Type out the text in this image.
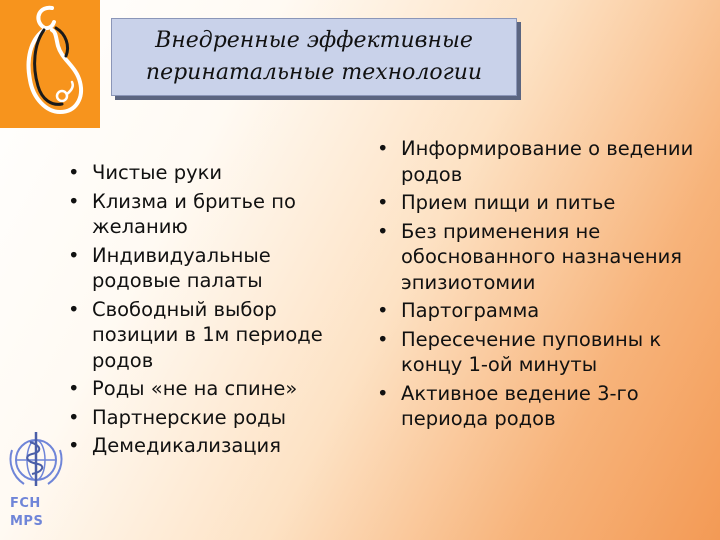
Внедренные эффективные перинатальные технологии
• Чистые руки
• Клизма и бритье по желанию
• Индивидуальные родовые палаты
• Свободный выбор позиции в 1м периоде родов
• Роды «не на спине»
• Партнерские роды
• Демедикализация
• Информирование о ведении родов
• Прием пищи и питье
• Без применения не обоснованного назначения эпизиотомии
• Партограмма
• Пересечение пуповины к концу 1-ой минуты
• Активное ведение 3-го периода родов
FCH
MPS
